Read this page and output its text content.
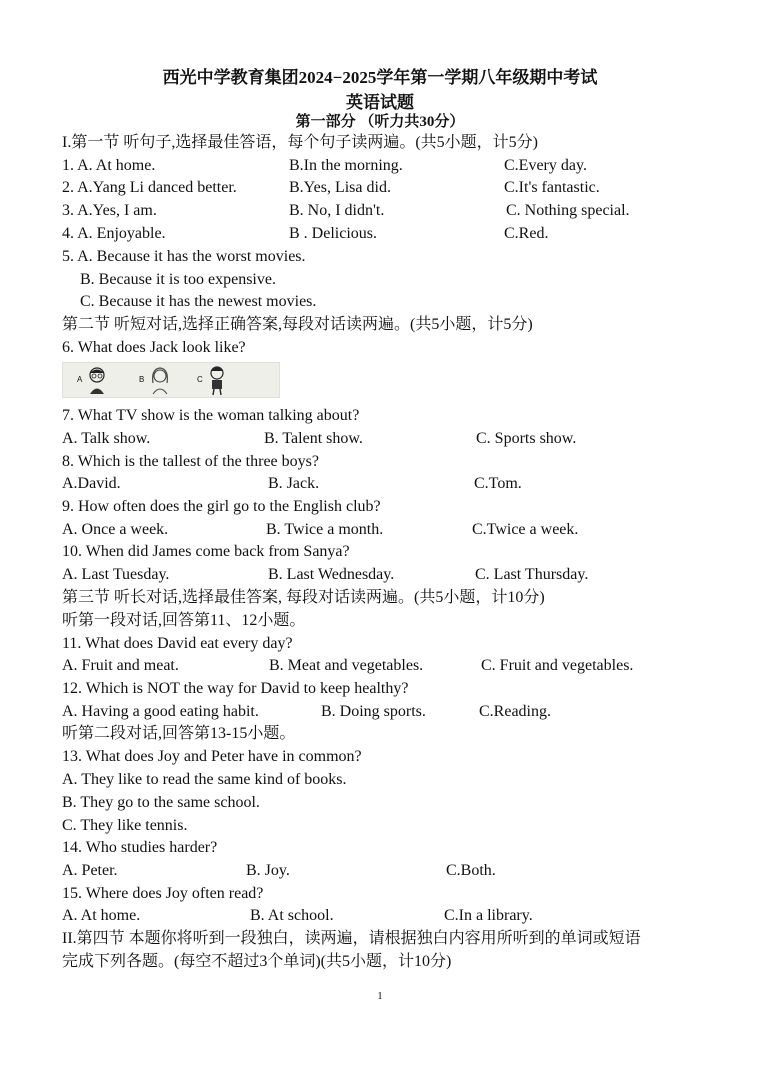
西光中学教育集团2024−2025学年第一学期八年级期中考试
英语试题
第一部分 （听力共30分）
I.第一节 听句子,选择最佳答语，每个句子读两遍。(共5小题，计5分)
1. A. At home.	B.In the morning.	C.Every day.
2. A.Yang Li danced better.	B.Yes, Lisa did.	C.It's fantastic.
3. A.Yes, I am.	B. No, I didn't.	C. Nothing special.
4. A. Enjoyable.	B . Delicious.	C.Red.
5. A. Because it has the worst movies.
B. Because it is too expensive.
C. Because it has the newest movies.
第二节 听短对话,选择正确答案,每段对话读两遍。(共5小题，计5分)
6. What does Jack look like?
A	B	C
7. What TV show is the woman talking about?
A. Talk show.	B. Talent show.	C. Sports show.
8. Which is the tallest of the three boys?
A.David.	B. Jack.	C.Tom.
9. How often does the girl go to the English club?
A. Once a week.	B. Twice a month.	C.Twice a week.
10. When did James come back from Sanya?
A. Last Tuesday.	B. Last Wednesday.	C. Last Thursday.
第三节 听长对话,选择最佳答案, 每段对话读两遍。(共5小题，计10分)
听第一段对话,回答第11、12小题。
11. What does David eat every day?
A. Fruit and meat.	B. Meat and vegetables.	C. Fruit and vegetables.
12. Which is NOT the way for David to keep healthy?
A. Having a good eating habit.	B. Doing sports.	C.Reading.
听第二段对话,回答第13-15小题。
13. What does Joy and Peter have in common?
A. They like to read the same kind of books.
B. They go to the same school.
C. They like tennis.
14. Who studies harder?
A. Peter.	B. Joy.	C.Both.
15. Where does Joy often read?
A. At home.	B. At school.	C.In a library.
II.第四节 本题你将听到一段独白，读两遍，请根据独白内容用所听到的单词或短语
完成下列各题。(每空不超过3个单词)(共5小题，计10分)
1
